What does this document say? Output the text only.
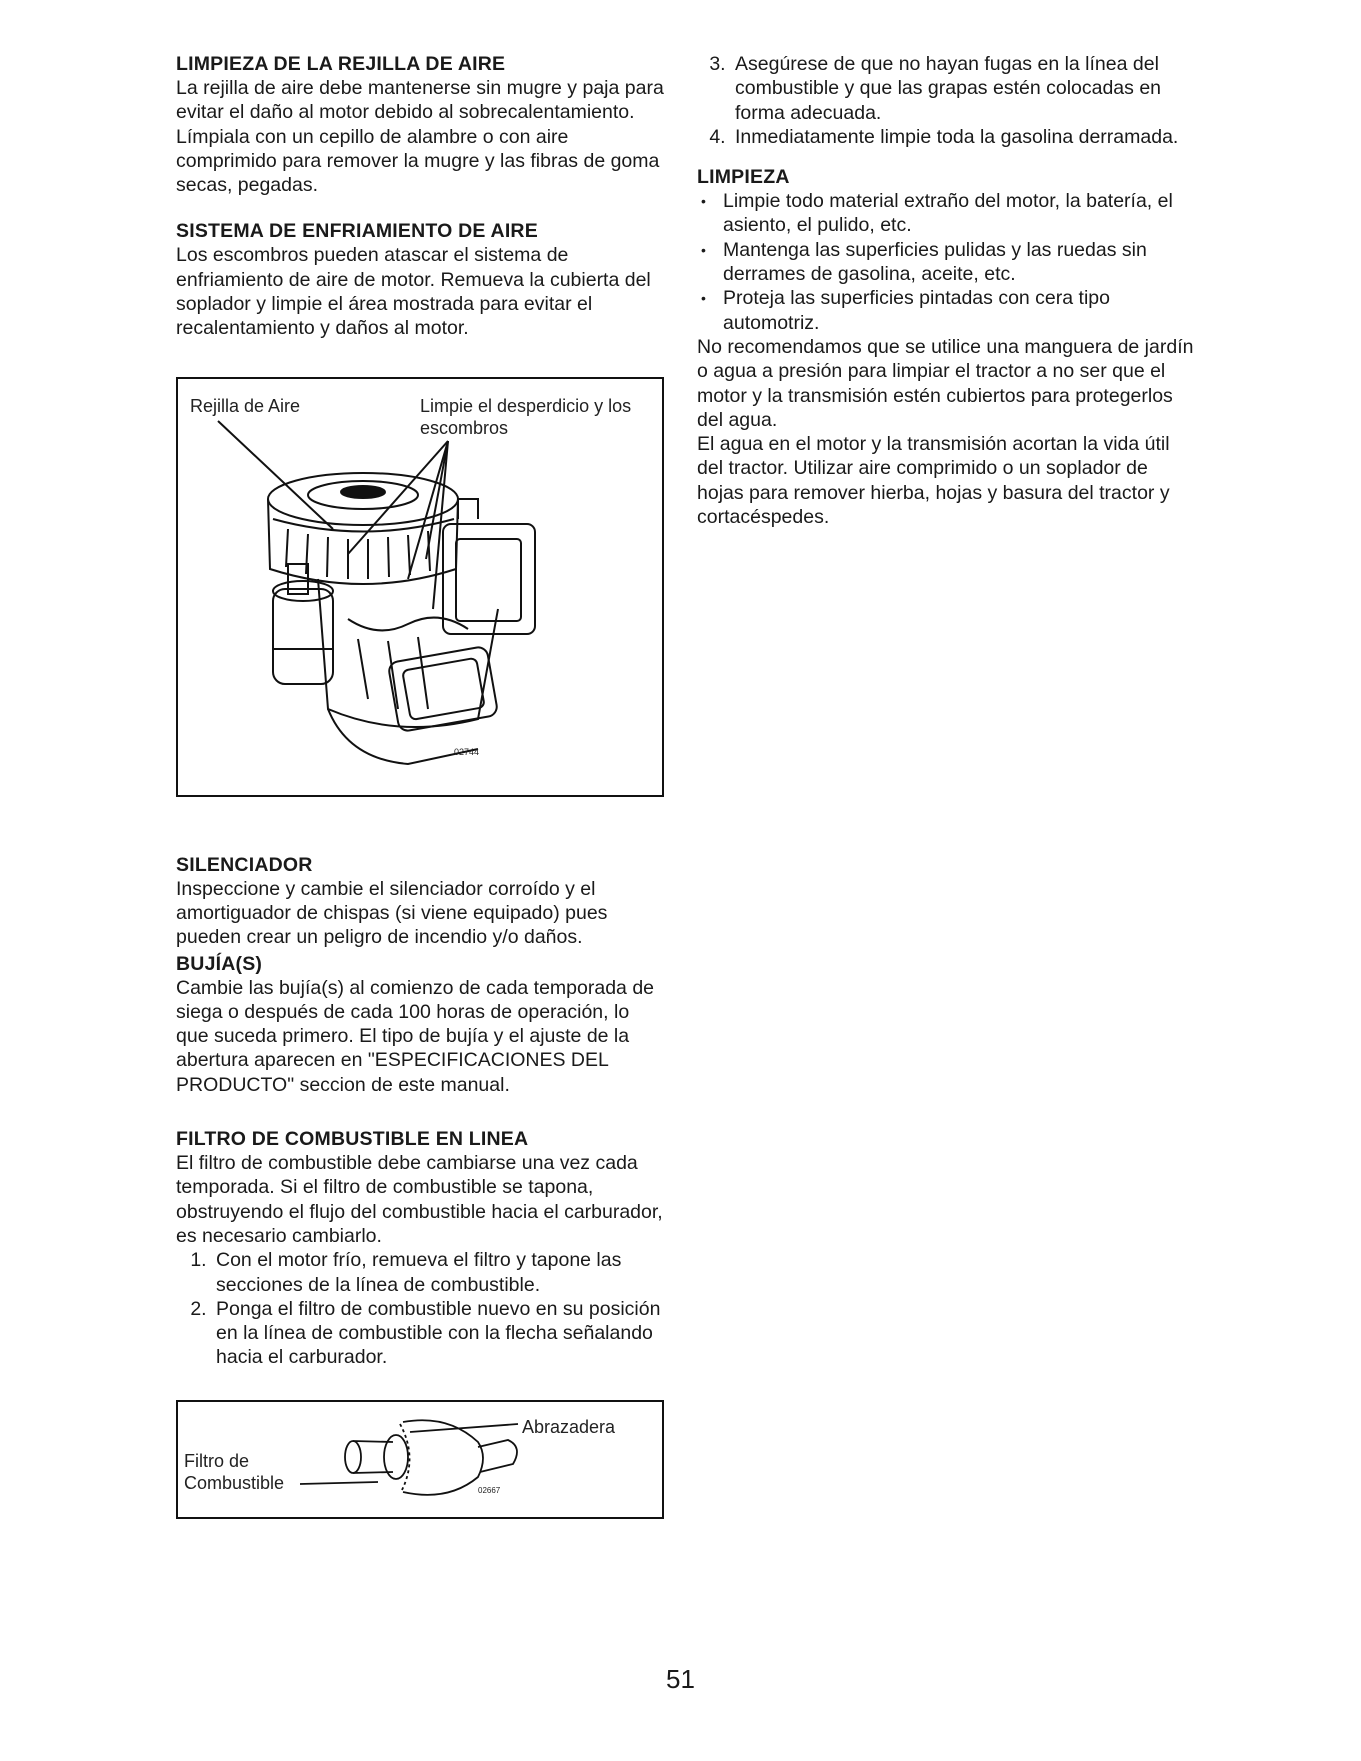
LIMPIEZA DE LA REJILLA DE AIRE

La rejilla de aire debe mantenerse sin mugre y paja para evitar el daño al motor debido al sobrecalentamiento. Límpiala con un cepillo de alambre o con aire comprimido para remover la mugre y las fibras de goma secas, pegadas.

SISTEMA DE ENFRIAMIENTO DE AIRE

Los escombros pueden atascar el sistema de enfriamiento de aire de motor. Remueva la cubierta del soplador y limpie el área mostrada para evitar el recalentamiento y daños al motor.

Rejilla de Aire	Limpie el desperdicio y los escombros
02744
SILENCIADOR

Inspeccione y cambie el silenciador corroído y el amortiguador de chispas (si viene equipado) pues pueden crear un peligro de incendio y/o daños.

BUJÍA(S)

Cambie las bujía(s) al comienzo de cada temporada de siega o después de cada 100 horas de operación, lo que suceda primero. El tipo de bujía y el ajuste de la abertura aparecen en "ESPECIFICACIONES DEL PRODUCTO" seccion de este manual.

FILTRO DE COMBUSTIBLE EN LINEA

El filtro de combustible debe cambiarse una vez cada temporada. Si el filtro de combustible se tapona, obstruyendo el flujo del combustible hacia el carburador, es necesario cambiarlo.

1. Con el motor frío, remueva el filtro y tapone las secciones de la línea de combustible.
2. Ponga el filtro de combustible nuevo en su posición en la línea de combustible con la flecha señalando hacia el carburador.
Filtro de
Combustible
Abrazadera
02667
3. Asegúrese de que no hayan fugas en la línea del combustible y que las grapas estén colocadas en forma adecuada.
4. Inmediatamente limpie toda la gasolina derramada.
LIMPIEZA
• Limpie todo material extraño del motor, la batería, el asiento, el pulido, etc.
• Mantenga las superficies pulidas y las ruedas sin derrames de gasolina, aceite, etc.
• Proteja las superficies pintadas con cera tipo automotriz.

No recomendamos que se utilice una manguera de jardín o agua a presión para limpiar el tractor a no ser que el motor y la transmisión estén cubiertos para protegerlos del agua.

El agua en el motor y la transmisión acortan la vida útil del tractor. Utilizar aire comprimido o un soplador de hojas para remover hierba, hojas y basura del tractor y cortacéspedes.

51
